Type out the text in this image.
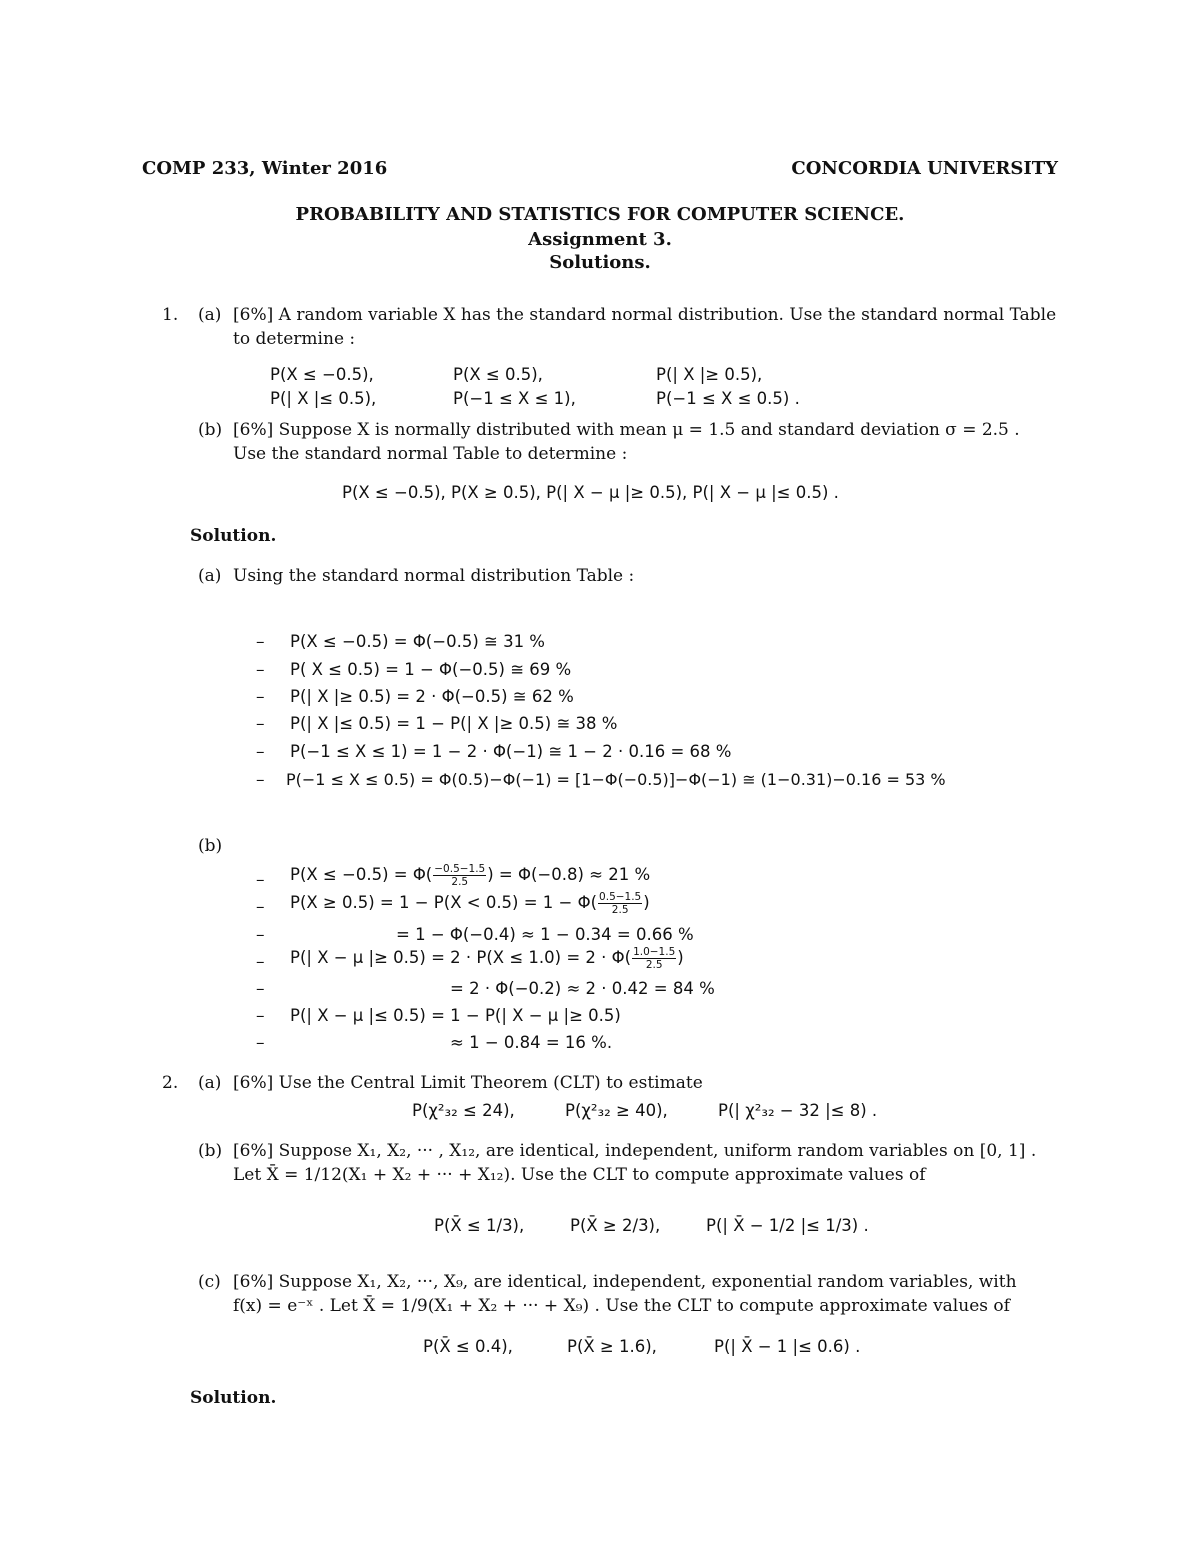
COMP 233, Winter 2016	CONCORDIA UNIVERSITY
PROBABILITY AND STATISTICS FOR COMPUTER SCIENCE.
Assignment 3.
Solutions.
1. (a) [6%] A random variable X has the standard normal distribution. Use the standard normal Table
to determine :
P(X ≤ −0.5),	P(X ≤ 0.5),	P(| X |≥ 0.5),
P(| X |≤ 0.5),	P(−1 ≤ X ≤ 1),	P(−1 ≤ X ≤ 0.5) .
(b) [6%] Suppose X is normally distributed with mean μ = 1.5 and standard deviation σ = 2.5 .
Use the standard normal Table to determine :
P(X ≤ −0.5), P(X ≥ 0.5), P(| X − μ |≥ 0.5), P(| X − μ |≤ 0.5) .
Solution.
(a) Using the standard normal distribution Table :
– P(X ≤ −0.5) = Φ(−0.5) ≅ 31 %
– P( X ≤ 0.5) = 1 − Φ(−0.5) ≅ 69 %
– P(| X |≥ 0.5) = 2 · Φ(−0.5) ≅ 62 %
– P(| X |≤ 0.5) = 1 − P(| X |≥ 0.5) ≅ 38 %
– P(−1 ≤ X ≤ 1) = 1 − 2 · Φ(−1) ≅ 1 − 2 · 0.16 = 68 %
– P(−1 ≤ X ≤ 0.5) = Φ(0.5)−Φ(−1) = [1−Φ(−0.5)]−Φ(−1) ≅ (1−0.31)−0.16 = 53 %
(b)
– $P(X \le -0.5) = \Phi( \frac{-0.5-1.5}{2.5}$ ) = Φ(−0.8) ≈ 21 %
– $P(X \ge 0.5) = 1 - P(X < 0.5) = 1 - \Phi( \frac{0.5-1.5}{2.5}$ )
–	= 1 − Φ(−0.4) ≈ 1 − 0.34 = 0.66 %
– P(| X − μ |≥ $0.5) = 2 \cdot P(X \le 1.0) = 2 \cdot \Phi( \frac{1.0-1.5}{2.5}$ )
–	= 2 · Φ(−0.2) ≈ 2 · 0.42 = 84 %
– P(| X − μ |≤ 0.5) = 1 − P(| X − μ |≥ 0.5)
–	≈ 1 − 0.84 = 16 %.
2. (a) [6%] Use the Central Limit Theorem (CLT) to estimate
P(χ²₃₂ ≤ 24),	P(χ²₃₂ ≥ 40),	P(| χ²₃₂ − 32 |≤ 8) .
(b) [6%] Suppose X₁, X₂, ··· , X₁₂, are identical, independent, uniform random variables on [0, 1] .
Let X̄ = 1/12(X₁ + X₂ + ··· + X₁₂). Use the CLT to compute approximate values of
P(X̄ ≤ 1/3),	P(X̄ ≥ 2/3),	P(| X̄ − 1/2 |≤ 1/3) .
(c) [6%] Suppose X₁, X₂, ···, X₉, are identical, independent, exponential random variables, with
f(x) = e⁻ˣ . Let X̄ = 1/9(X₁ + X₂ + ··· + X₉) . Use the CLT to compute approximate values of
P(X̄ ≤ 0.4),	P(X̄ ≥ 1.6),	P(| X̄ − 1 |≤ 0.6) .
Solution.
